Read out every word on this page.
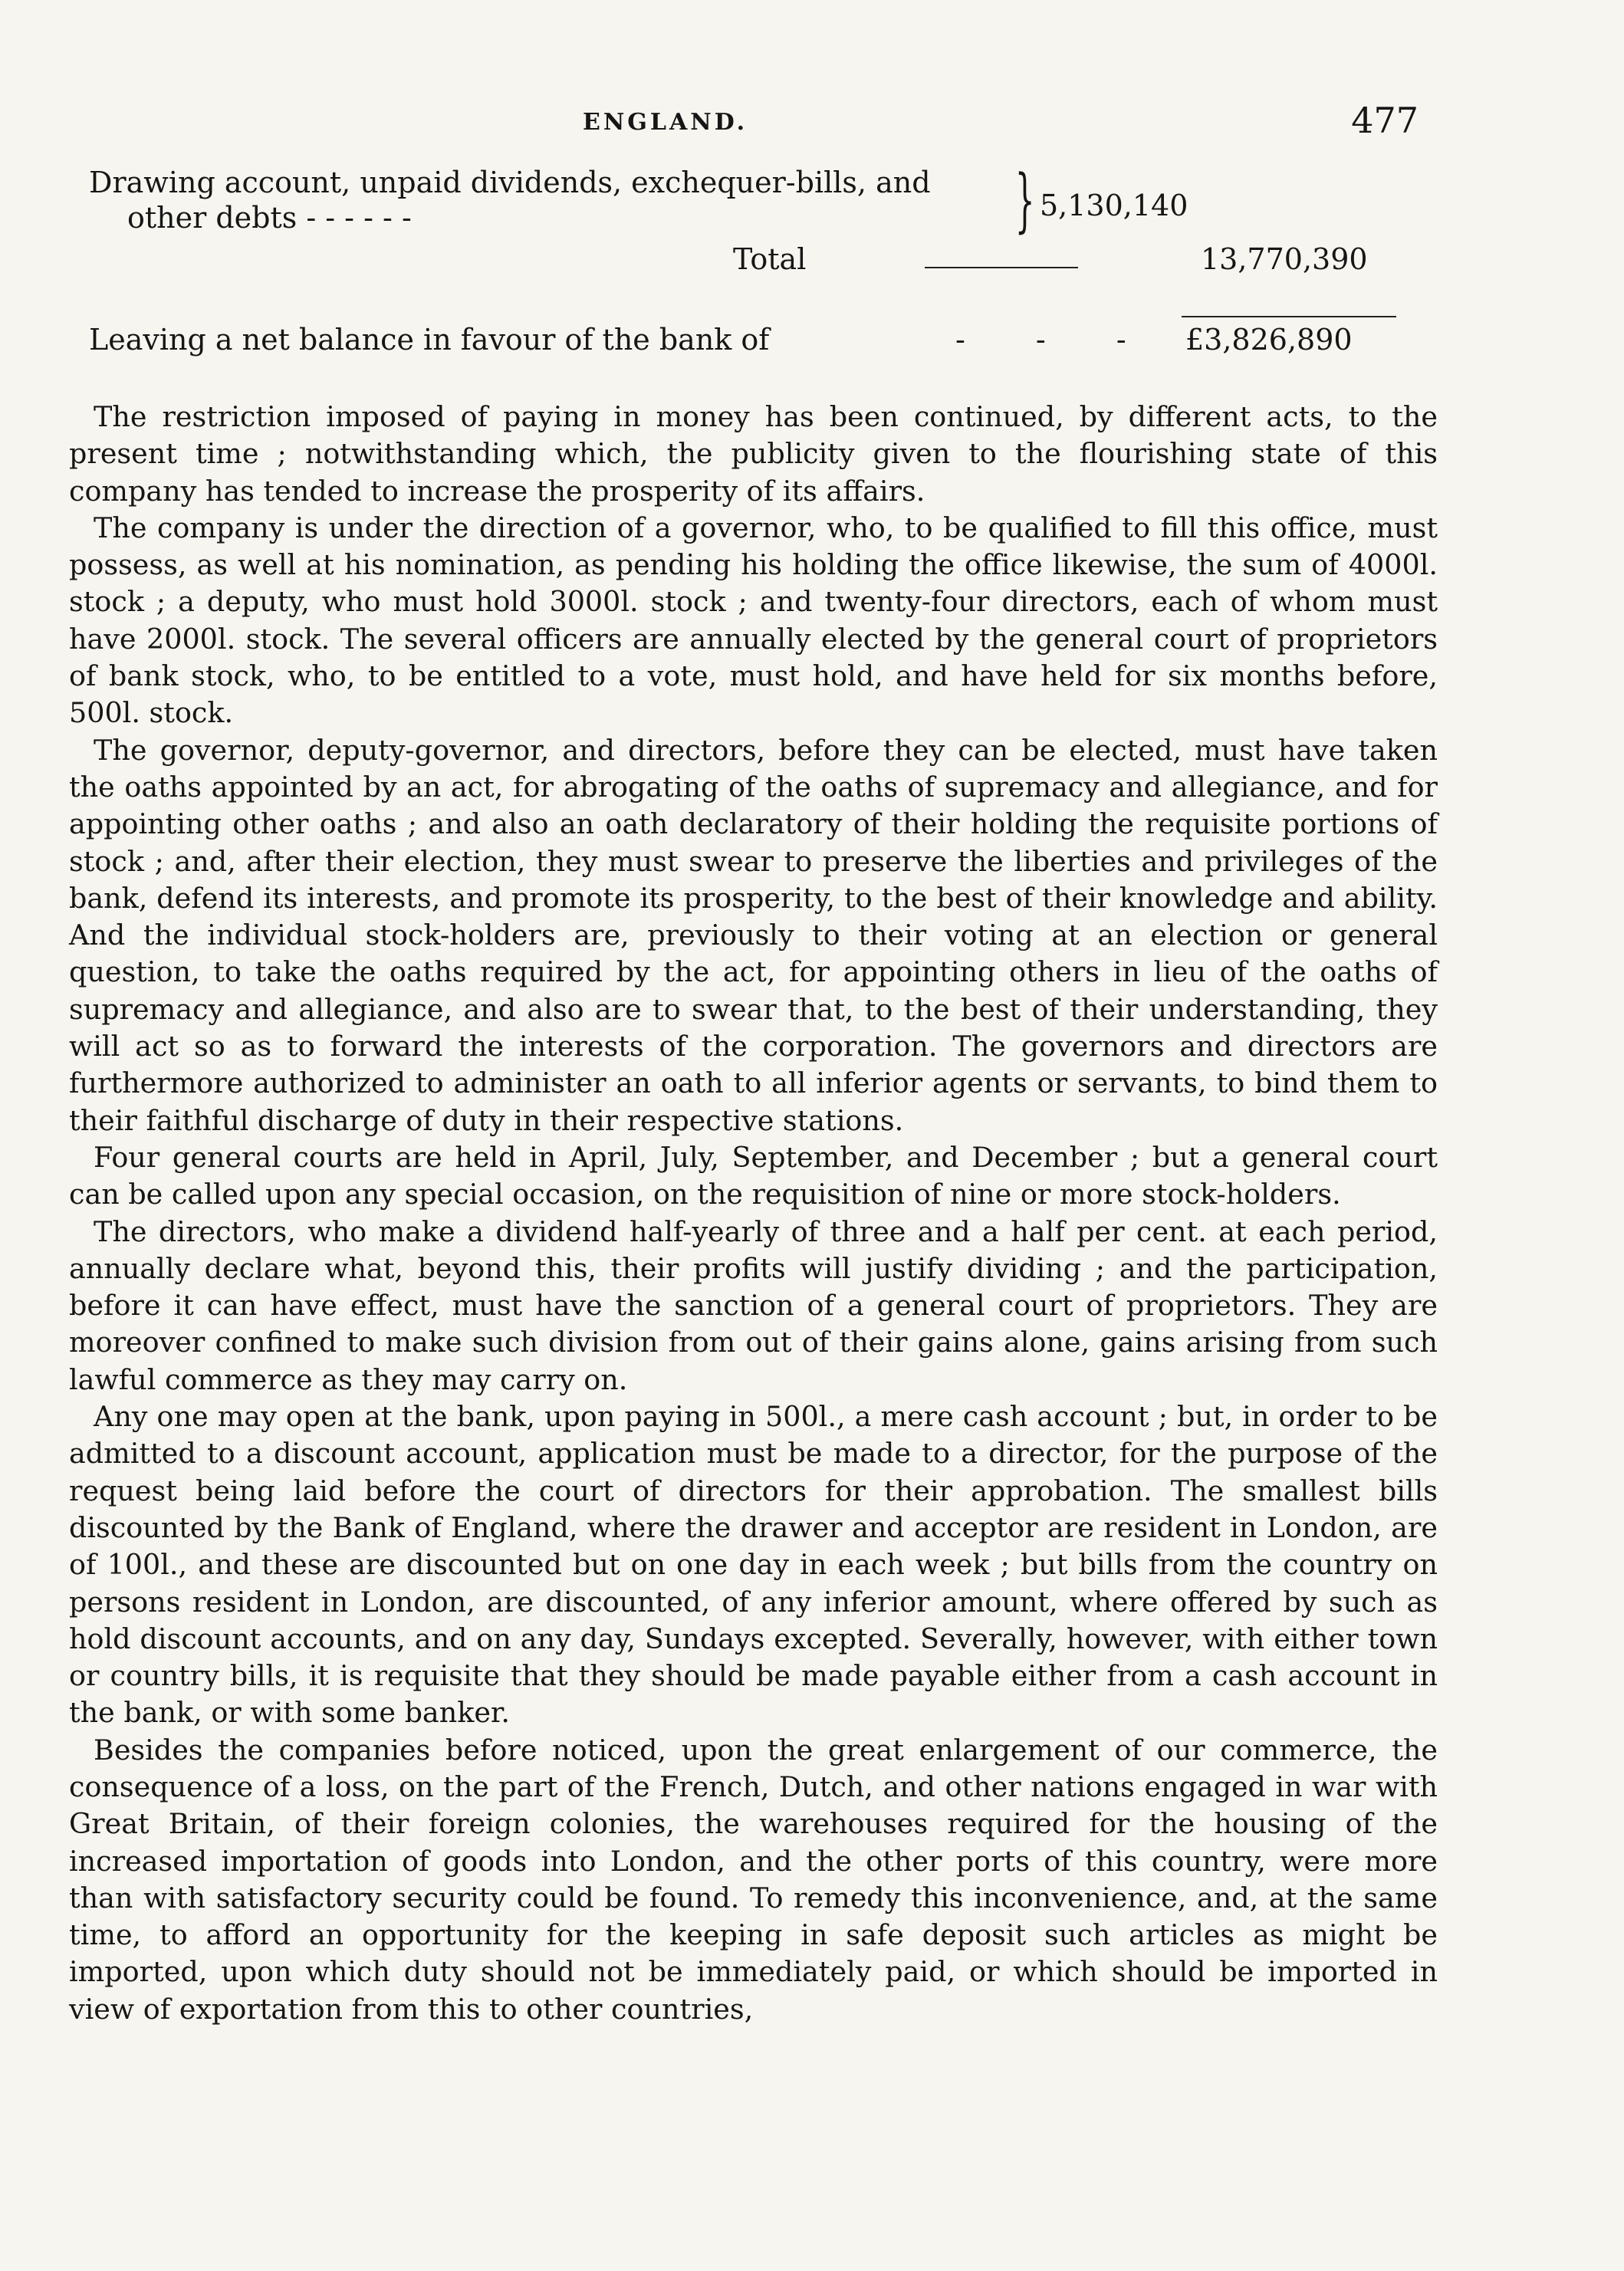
ENGLAND.	477
Drawing account, unpaid dividends, exchequer-bills, and
other debts - - - - - -	} 5,130,140
Total	13,770,390
Leaving a net balance in favour of the bank of	- - - £3,826,890

The restriction imposed of paying in money has been continued, by different acts, to the present time ; notwithstanding which, the publicity given to the flourishing state of this company has tended to increase the prosperity of its affairs.

The company is under the direction of a governor, who, to be qualified to fill this office, must possess, as well at his nomination, as pending his holding the office likewise, the sum of 4000l. stock ; a deputy, who must hold 3000l. stock ; and twenty-four directors, each of whom must have 2000l. stock. The several officers are annually elected by the general court of proprietors of bank stock, who, to be entitled to a vote, must hold, and have held for six months before, 500l. stock.

The governor, deputy-governor, and directors, before they can be elected, must have taken the oaths appointed by an act, for abrogating of the oaths of supremacy and allegiance, and for appointing other oaths ; and also an oath declaratory of their holding the requisite portions of stock ; and, after their election, they must swear to preserve the liberties and privileges of the bank, defend its interests, and promote its prosperity, to the best of their knowledge and ability. And the individual stock-holders are, previously to their voting at an election or general question, to take the oaths required by the act, for appointing others in lieu of the oaths of supremacy and allegiance, and also are to swear that, to the best of their understanding, they will act so as to forward the interests of the corporation. The governors and directors are furthermore authorized to administer an oath to all inferior agents or servants, to bind them to their faithful discharge of duty in their respective stations.

Four general courts are held in April, July, September, and December ; but a general court can be called upon any special occasion, on the requisition of nine or more stock-holders.

The directors, who make a dividend half-yearly of three and a half per cent. at each period, annually declare what, beyond this, their profits will justify dividing ; and the participation, before it can have effect, must have the sanction of a general court of proprietors. They are moreover confined to make such division from out of their gains alone, gains arising from such lawful commerce as they may carry on.

Any one may open at the bank, upon paying in 500l., a mere cash account ; but, in order to be admitted to a discount account, application must be made to a director, for the purpose of the request being laid before the court of directors for their approbation. The smallest bills discounted by the Bank of England, where the drawer and acceptor are resident in London, are of 100l., and these are discounted but on one day in each week ; but bills from the country on persons resident in London, are discounted, of any inferior amount, where offered by such as hold discount accounts, and on any day, Sundays excepted. Severally, however, with either town or country bills, it is requisite that they should be made payable either from a cash account in the bank, or with some banker.

Besides the companies before noticed, upon the great enlargement of our commerce, the consequence of a loss, on the part of the French, Dutch, and other nations engaged in war with Great Britain, of their foreign colonies, the warehouses required for the housing of the increased importation of goods into London, and the other ports of this country, were more than with satisfactory security could be found. To remedy this inconvenience, and, at the same time, to afford an opportunity for the keeping in safe deposit such articles as might be imported, upon which duty should not be immediately paid, or which should be imported in view of exportation from this to other countries,
